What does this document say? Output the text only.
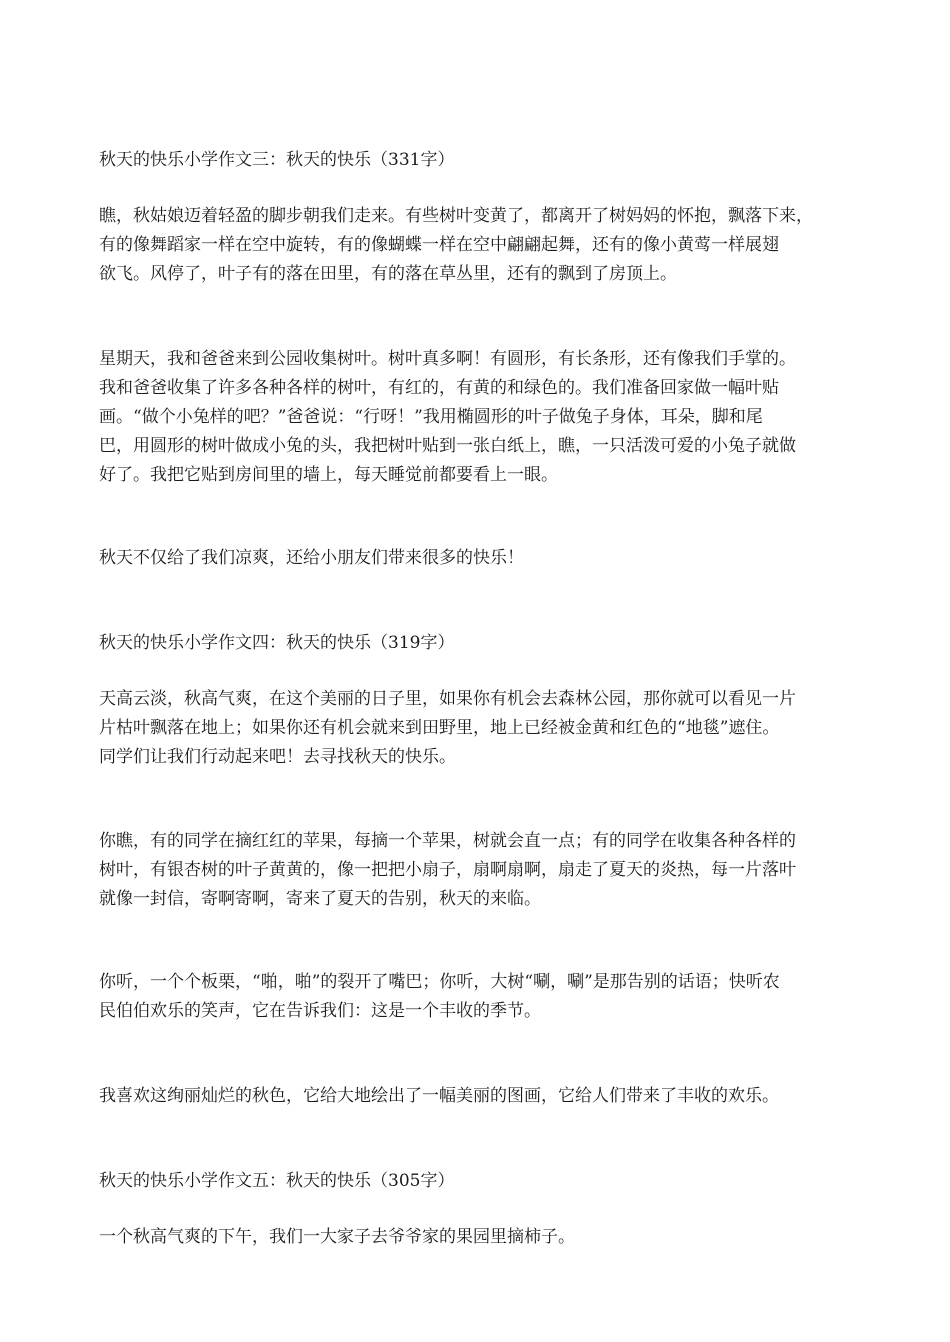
秋天的快乐小学作文三：秋天的快乐（331字）

瞧，秋姑娘迈着轻盈的脚步朝我们走来。有些树叶变黄了，都离开了树妈妈的怀抱，飘落下来，

有的像舞蹈家一样在空中旋转，有的像蝴蝶一样在空中翩翩起舞，还有的像小黄莺一样展翅

欲飞。风停了，叶子有的落在田里，有的落在草丛里，还有的飘到了房顶上。

星期天，我和爸爸来到公园收集树叶。树叶真多啊！有圆形，有长条形，还有像我们手掌的。

我和爸爸收集了许多各种各样的树叶，有红的，有黄的和绿色的。我们准备回家做一幅叶贴

画。“做个小兔样的吧？”爸爸说：“行呀！”我用椭圆形的叶子做兔子身体，耳朵，脚和尾

巴，用圆形的树叶做成小兔的头，我把树叶贴到一张白纸上，瞧，一只活泼可爱的小兔子就做

好了。我把它贴到房间里的墙上，每天睡觉前都要看上一眼。

秋天不仅给了我们凉爽，还给小朋友们带来很多的快乐！

秋天的快乐小学作文四：秋天的快乐（319字）

天高云淡，秋高气爽，在这个美丽的日子里，如果你有机会去森林公园，那你就可以看见一片

片枯叶飘落在地上；如果你还有机会就来到田野里，地上已经被金黄和红色的“地毯”遮住。

同学们让我们行动起来吧！去寻找秋天的快乐。

你瞧，有的同学在摘红红的苹果，每摘一个苹果，树就会直一点；有的同学在收集各种各样的

树叶，有银杏树的叶子黄黄的，像一把把小扇子，扇啊扇啊，扇走了夏天的炎热，每一片落叶

就像一封信，寄啊寄啊，寄来了夏天的告别，秋天的来临。

你听，一个个板栗，“啪，啪”的裂开了嘴巴；你听，大树“唰，唰”是那告别的话语；快听农

民伯伯欢乐的笑声，它在告诉我们：这是一个丰收的季节。

我喜欢这绚丽灿烂的秋色，它给大地绘出了一幅美丽的图画，它给人们带来了丰收的欢乐。

秋天的快乐小学作文五：秋天的快乐（305字）

一个秋高气爽的下午，我们一大家子去爷爷家的果园里摘柿子。
